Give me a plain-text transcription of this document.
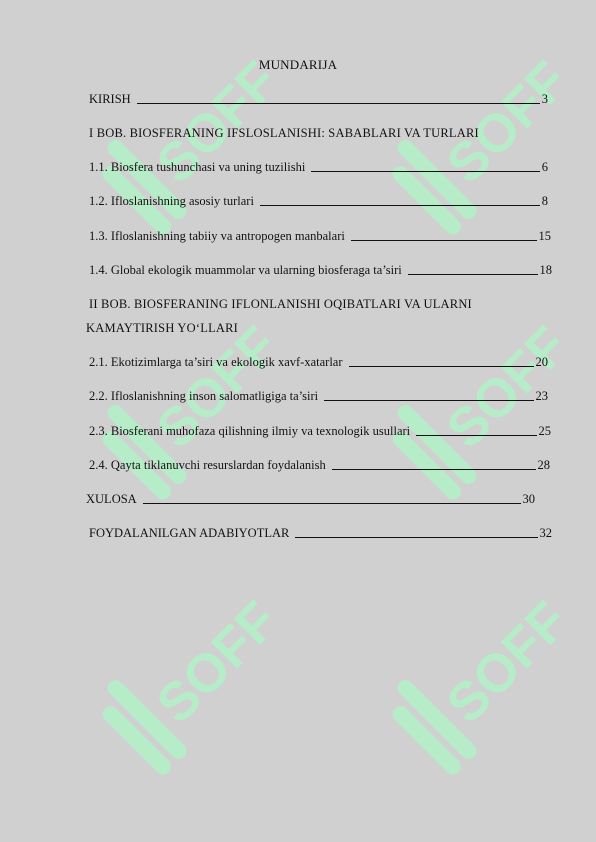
SOFF	SOFF
SOFF	SOFF
SOFF	SOFF
MUNDARIJA
KIRISH	3
I BOB. BIOSFERANING IFSLOSLANISHI: SABABLARI VA TURLARI
1.1. Biosfera tushunchasi va uning tuzilishi	6
1.2. Ifloslanishning asosiy turlari	8
1.3. Ifloslanishning tabiiy va antropogen manbalari	15
1.4. Global ekologik muammolar va ularning biosferaga ta’siri	18
II BOB. BIOSFERANING IFLONLANISHI OQIBATLARI VA ULARNI
KAMAYTIRISH YO‘LLARI
2.1. Ekotizimlarga ta’siri va ekologik xavf-xatarlar	20
2.2. Ifloslanishning inson salomatligiga ta’siri	23
2.3. Biosferani muhofaza qilishning ilmiy va texnologik usullari	25
2.4. Qayta tiklanuvchi resurslardan foydalanish	28
XULOSA	30
FOYDALANILGAN ADABIYOTLAR	32
